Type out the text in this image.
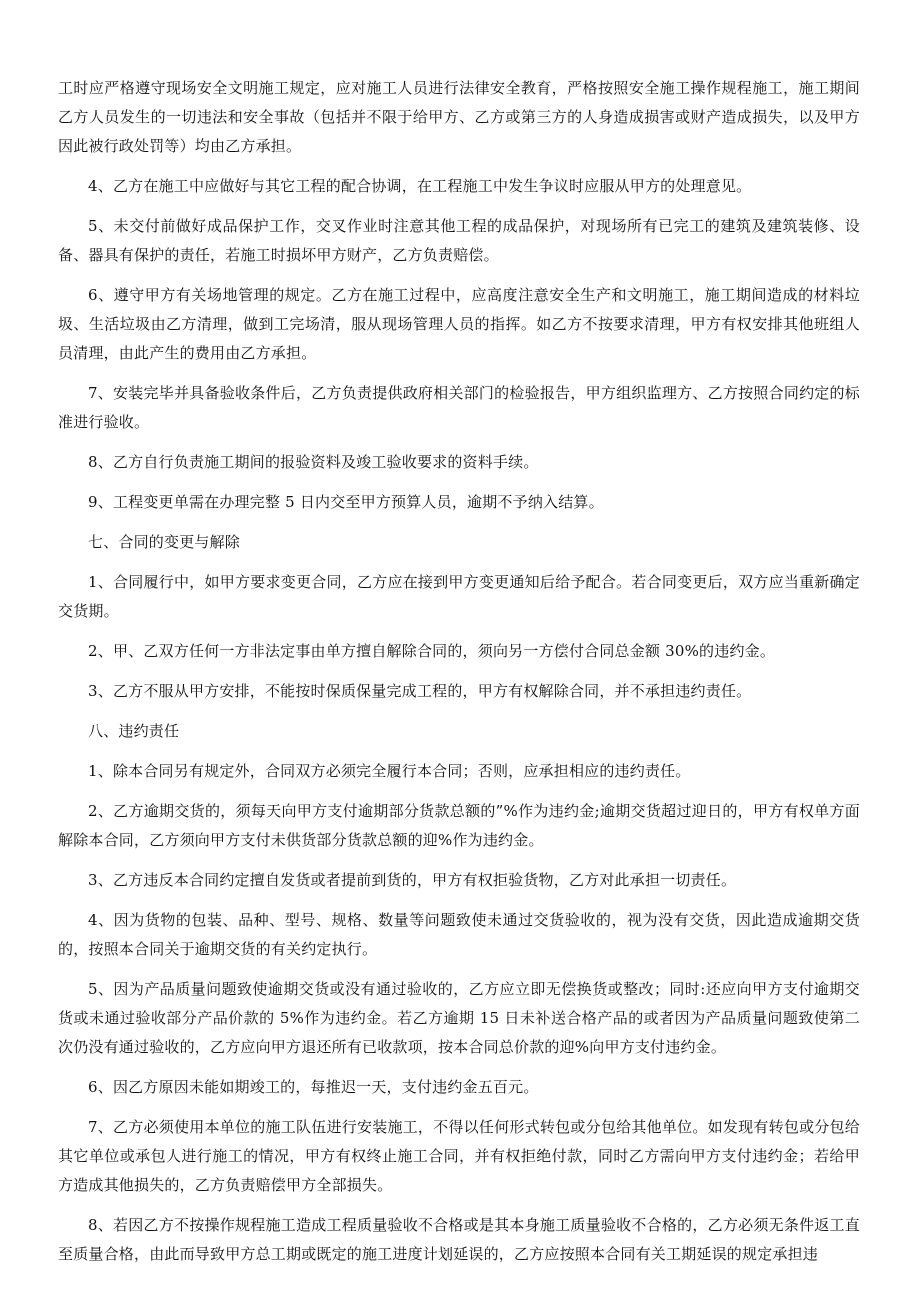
工时应严格遵守现场安全文明施工规定，应对施工人员进行法律安全教育，严格按照安全施工操作规程施工，施工期间乙方人员发生的一切违法和安全事故（包括并不限于给甲方、乙方或第三方的人身造成损害或财产造成损失，以及甲方因此被行政处罚等）均由乙方承担。

4、乙方在施工中应做好与其它工程的配合协调，在工程施工中发生争议时应服从甲方的处理意见。

5、未交付前做好成品保护工作，交叉作业时注意其他工程的成品保护，对现场所有已完工的建筑及建筑装修、设备、器具有保护的责任，若施工时损坏甲方财产，乙方负责赔偿。

6、遵守甲方有关场地管理的规定。乙方在施工过程中，应高度注意安全生产和文明施工，施工期间造成的材料垃圾、生活垃圾由乙方清理，做到工完场清，服从现场管理人员的指挥。如乙方不按要求清理，甲方有权安排其他班组人员清理，由此产生的费用由乙方承担。

7、安装完毕并具备验收条件后，乙方负责提供政府相关部门的检验报告，甲方组织监理方、乙方按照合同约定的标准进行验收。

8、乙方自行负责施工期间的报验资料及竣工验收要求的资料手续。

9、工程变更单需在办理完整 5 日内交至甲方预算人员，逾期不予纳入结算。

七、合同的变更与解除

1、合同履行中，如甲方要求变更合同，乙方应在接到甲方变更通知后给予配合。若合同变更后，双方应当重新确定交货期。

2、甲、乙双方任何一方非法定事由单方擅自解除合同的，须向另一方偿付合同总金额 30%的违约金。

3、乙方不服从甲方安排，不能按时保质保量完成工程的，甲方有权解除合同，并不承担违约责任。

八、违约责任

1、除本合同另有规定外，合同双方必须完全履行本合同；否则，应承担相应的违约责任。

2、乙方逾期交货的，须每天向甲方支付逾期部分货款总额的”%作为违约金;逾期交货超过迎日的，甲方有权单方面解除本合同，乙方须向甲方支付未供货部分货款总额的迎%作为违约金。

3、乙方违反本合同约定擅自发货或者提前到货的，甲方有权拒验货物，乙方对此承担一切责任。

4、因为货物的包装、品种、型号、规格、数量等问题致使未通过交货验收的，视为没有交货，因此造成逾期交货的，按照本合同关于逾期交货的有关约定执行。

5、因为产品质量问题致使逾期交货或没有通过验收的，乙方应立即无偿换货或整改；同时:还应向甲方支付逾期交货或未通过验收部分产品价款的 5%作为违约金。若乙方逾期 15 日未补送合格产品的或者因为产品质量问题致使第二次仍没有通过验收的，乙方应向甲方退还所有已收款项，按本合同总价款的迎%向甲方支付违约金。

6、因乙方原因未能如期竣工的，每推迟一天，支付违约金五百元。

7、乙方必须使用本单位的施工队伍进行安装施工，不得以任何形式转包或分包给其他单位。如发现有转包或分包给其它单位或承包人进行施工的情况，甲方有权终止施工合同，并有权拒绝付款，同时乙方需向甲方支付违约金；若给甲方造成其他损失的，乙方负责赔偿甲方全部损失。

8、若因乙方不按操作规程施工造成工程质量验收不合格或是其本身施工质量验收不合格的，乙方必须无条件返工直至质量合格，由此而导致甲方总工期或既定的施工进度计划延误的，乙方应按照本合同有关工期延误的规定承担违
